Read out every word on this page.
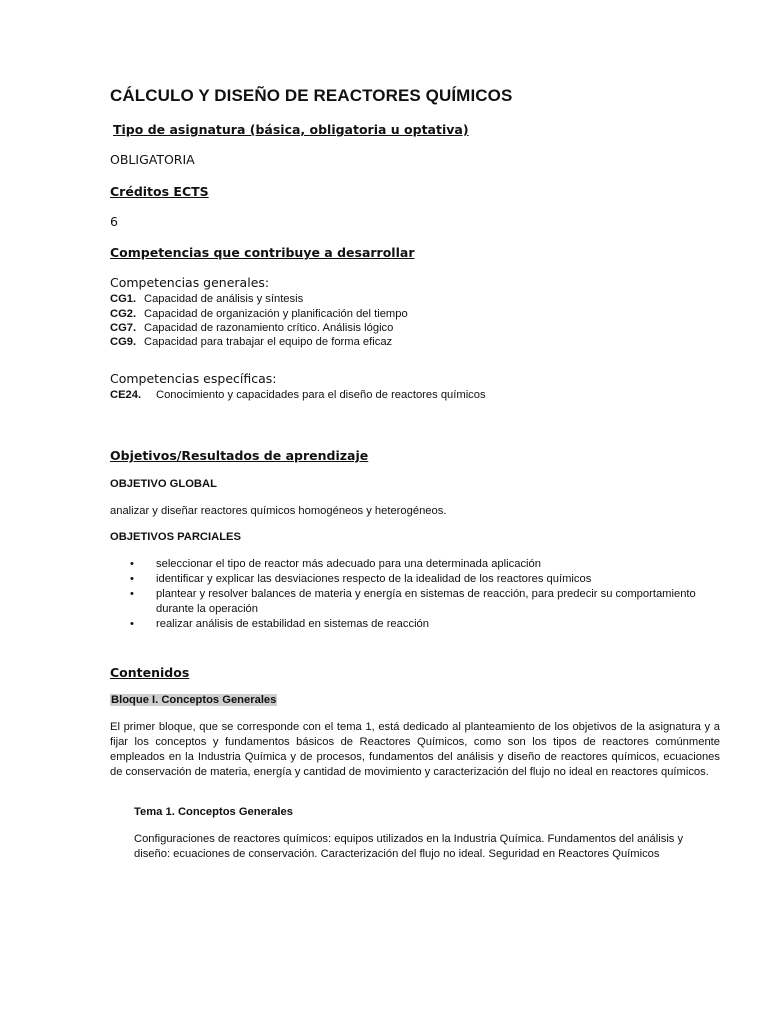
CÁLCULO Y DISEÑO DE REACTORES QUÍMICOS
Tipo de asignatura (básica, obligatoria u optativa)
OBLIGATORIA
Créditos ECTS
6
Competencias que contribuye a desarrollar
Competencias generales:
CG1. Capacidad de análisis y síntesis
CG2. Capacidad de organización y planificación del tiempo
CG7. Capacidad de razonamiento crítico. Análisis lógico
CG9. Capacidad para trabajar el equipo de forma eficaz
Competencias específicas:
CE24. Conocimiento y capacidades para el diseño de reactores químicos
Objetivos/Resultados de aprendizaje
OBJETIVO GLOBAL
analizar y diseñar reactores químicos homogéneos y heterogéneos.
OBJETIVOS PARCIALES
• seleccionar el tipo de reactor más adecuado para una determinada aplicación
• identificar y explicar las desviaciones respecto de la idealidad de los reactores químicos
• plantear y resolver balances de materia y energía en sistemas de reacción, para predecir su comportamiento durante la operación
• realizar análisis de estabilidad en sistemas de reacción
Contenidos
Bloque I. Conceptos Generales
El primer bloque, que se corresponde con el tema 1, está dedicado al planteamiento de los objetivos de la asignatura y a fijar los conceptos y fundamentos básicos de Reactores Químicos, como son los tipos de reactores comúnmente empleados en la Industria Química y de procesos, fundamentos del análisis y diseño de reactores químicos, ecuaciones de conservación de materia, energía y cantidad de movimiento y caracterización del flujo no ideal en reactores químicos.
Tema 1. Conceptos Generales
Configuraciones de reactores químicos: equipos utilizados en la Industria Química. Fundamentos del análisis y diseño: ecuaciones de conservación. Caracterización del flujo no ideal. Seguridad en Reactores Químicos
